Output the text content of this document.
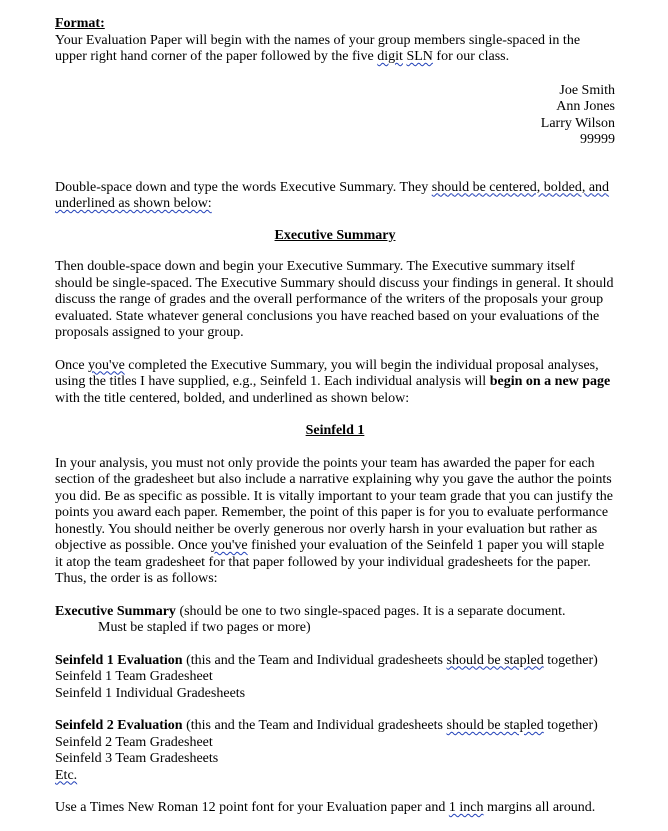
Format:

Your Evaluation Paper will begin with the names of your group members single-spaced in the upper right hand corner of the paper followed by the five digit SLN for our class.

Joe Smith

Ann Jones

Larry Wilson

99999

Double-space down and type the words Executive Summary. They should be centered, bolded, and underlined as shown below:

Executive Summary

Then double-space down and begin your Executive Summary. The Executive summary itself should be single-spaced. The Executive Summary should discuss your findings in general. It should discuss the range of grades and the overall performance of the writers of the proposals your group evaluated. State whatever general conclusions you have reached based on your evaluations of the proposals assigned to your group.

Once you've completed the Executive Summary, you will begin the individual proposal analyses, using the titles I have supplied, e.g., Seinfeld 1. Each individual analysis will begin on a new page with the title centered, bolded, and underlined as shown below:

Seinfeld 1

In your analysis, you must not only provide the points your team has awarded the paper for each section of the gradesheet but also include a narrative explaining why you gave the author the points you did. Be as specific as possible. It is vitally important to your team grade that you can justify the points you award each paper. Remember, the point of this paper is for you to evaluate performance honestly. You should neither be overly generous nor overly harsh in your evaluation but rather as objective as possible. Once you've finished your evaluation of the Seinfeld 1 paper you will staple it atop the team gradesheet for that paper followed by your individual gradesheets for the paper. Thus, the order is as follows:

Executive Summary (should be one to two single-spaced pages. It is a separate document.

Must be stapled if two pages or more)

Seinfeld 1 Evaluation (this and the Team and Individual gradesheets should be stapled together)

Seinfeld 1 Team Gradesheet

Seinfeld 1 Individual Gradesheets

Seinfeld 2 Evaluation (this and the Team and Individual gradesheets should be stapled together)

Seinfeld 2 Team Gradesheet

Seinfeld 3 Team Gradesheets

Etc.

Use a Times New Roman 12 point font for your Evaluation paper and 1 inch margins all around.
